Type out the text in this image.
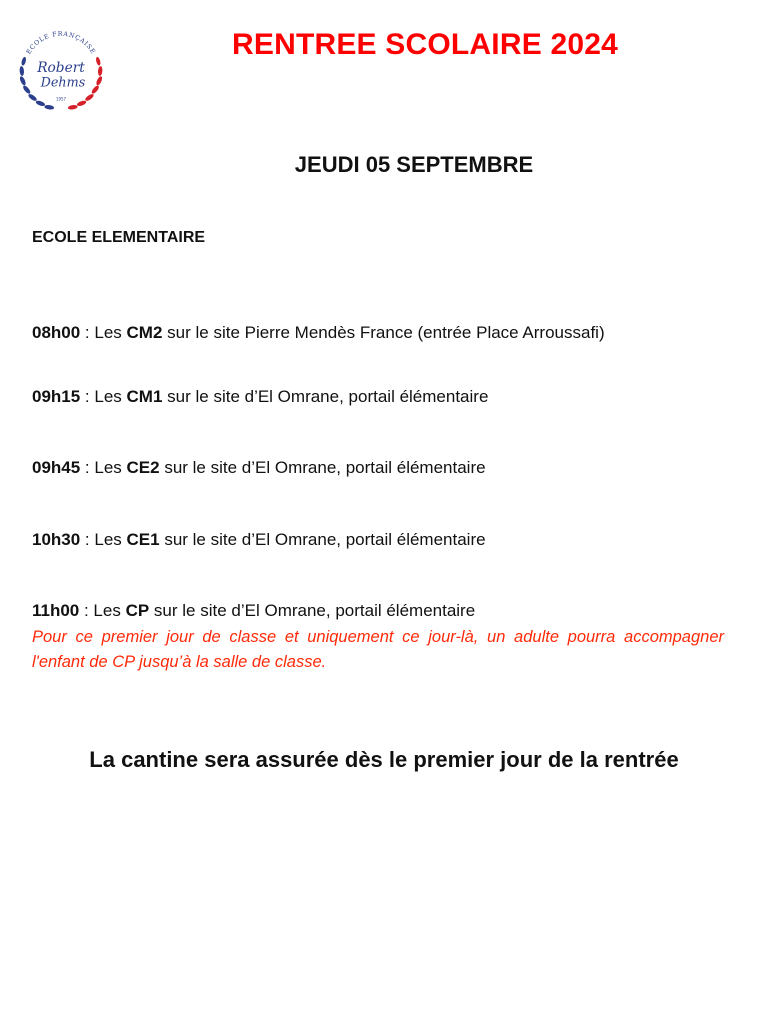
ECOLE FRANÇAISE
Robert
Dehms
1957
RENTREE SCOLAIRE 2024
JEUDI 05 SEPTEMBRE
ECOLE ELEMENTAIRE
08h00 : Les CM2 sur le site Pierre Mendès France (entrée Place Arroussafi)
09h15 : Les CM1 sur le site d’El Omrane, portail élémentaire
09h45 : Les CE2 sur le site d’El Omrane, portail élémentaire
10h30 : Les CE1 sur le site d’El Omrane, portail élémentaire
11h00 : Les CP sur le site d’El Omrane, portail élémentaire
Pour ce premier jour de classe et uniquement ce jour-là, un adulte pourra accompagner l'enfant de CP jusqu’à la salle de classe.
La cantine sera assurée dès le premier jour de la rentrée
